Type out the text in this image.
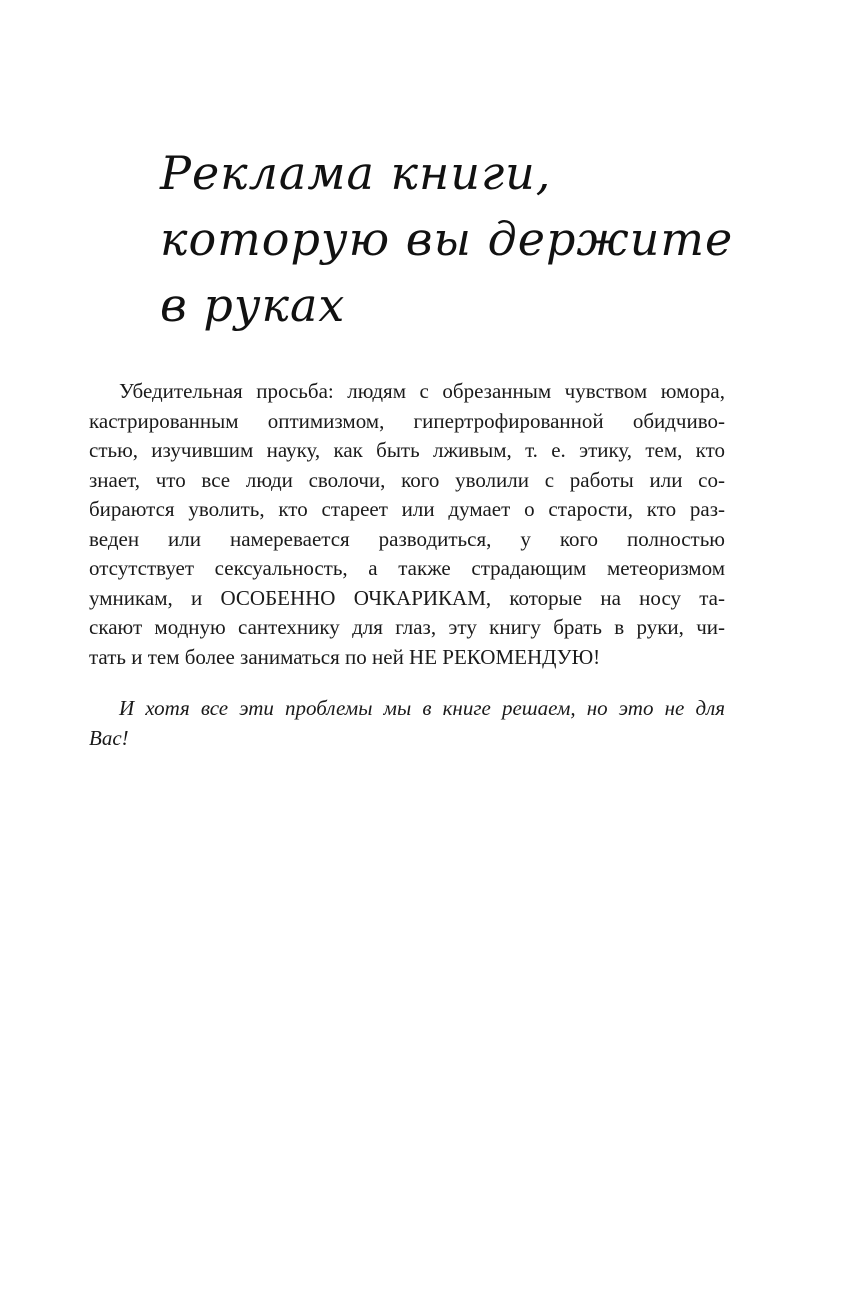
Реклама книги,
которую вы держите
в руках

Убедительная просьба: людям с обрезанным чувством юмора,
кастрированным оптимизмом, гипертрофированной обидчиво-
стью, изучившим науку, как быть лживым, т. е. этику, тем, кто
знает, что все люди сволочи, кого уволили с работы или со-
бираются уволить, кто стареет или думает о старости, кто раз-
веден или намеревается разводиться, у кого полностью
отсутствует сексуальность, а также страдающим метеоризмом
умникам, и ОСОБЕННО ОЧКАРИКАМ, которые на носу та-
скают модную сантехнику для глаз, эту книгу брать в руки, чи-
тать и тем более заниматься по ней НЕ РЕКОМЕНДУЮ!

И хотя все эти проблемы мы в книге решаем, но это не для
Вас!
